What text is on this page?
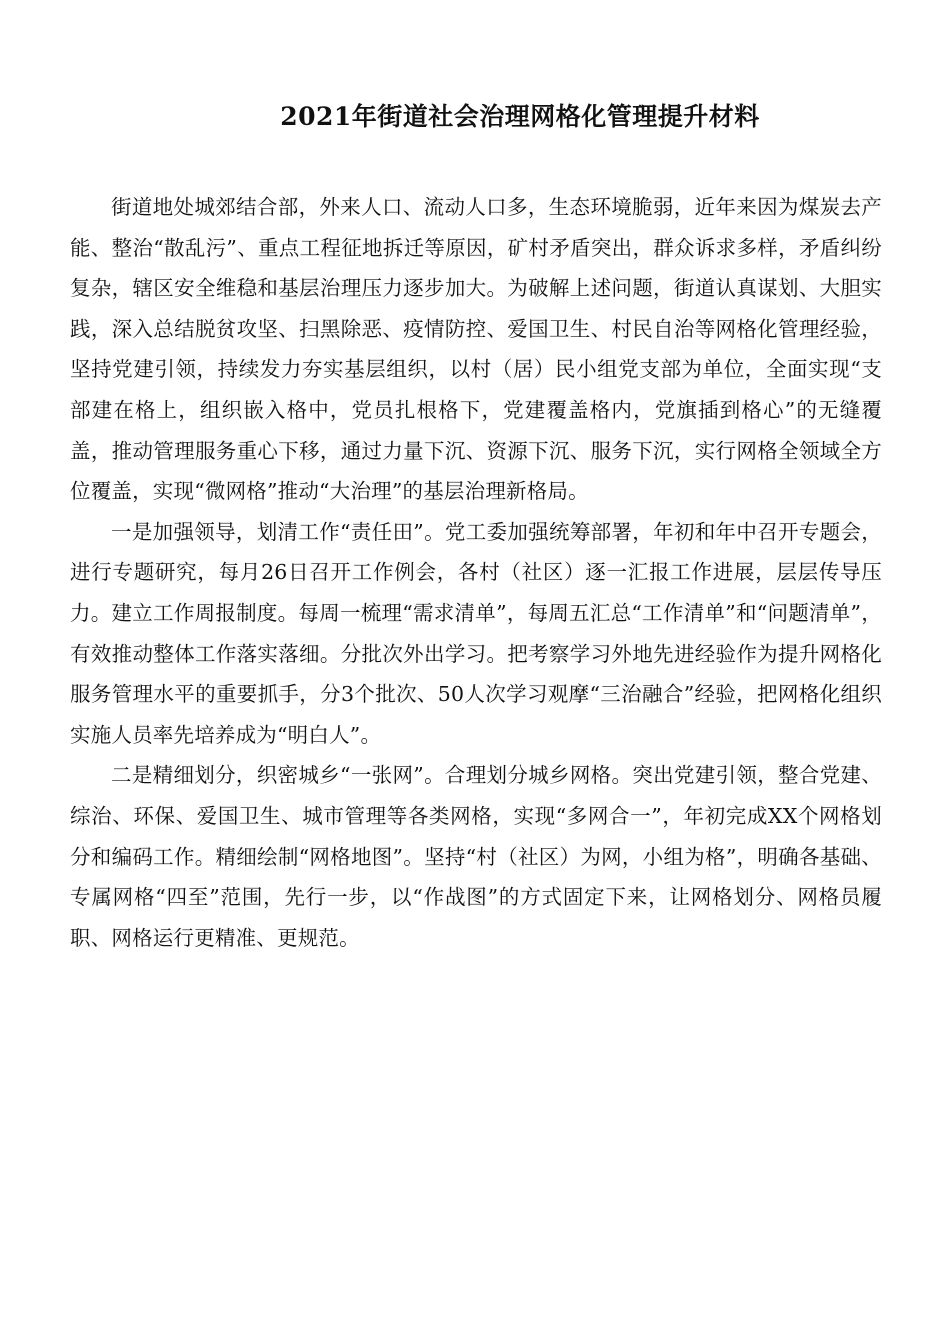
2021年街道社会治理网格化管理提升材料

街道地处城郊结合部，外来人口、流动人口多，生态环境脆弱，近年来因为煤炭去产能、整治“散乱污”、重点工程征地拆迁等原因，矿村矛盾突出，群众诉求多样，矛盾纠纷复杂，辖区安全维稳和基层治理压力逐步加大。为破解上述问题，街道认真谋划、大胆实践，深入总结脱贫攻坚、扫黑除恶、疫情防控、爱国卫生、村民自治等网格化管理经验，坚持党建引领，持续发力夯实基层组织，以村（居）民小组党支部为单位，全面实现“支部建在格上，组织嵌入格中，党员扎根格下，党建覆盖格内，党旗插到格心”的无缝覆盖，推动管理服务重心下移，通过力量下沉、资源下沉、服务下沉，实行网格全领域全方位覆盖，实现“微网格”推动“大治理”的基层治理新格局。

一是加强领导，划清工作“责任田”。党工委加强统筹部署，年初和年中召开专题会，进行专题研究，每月26日召开工作例会，各村（社区）逐一汇报工作进展，层层传导压力。建立工作周报制度。每周一梳理“需求清单”，每周五汇总“工作清单”和“问题清单”，有效推动整体工作落实落细。分批次外出学习。把考察学习外地先进经验作为提升网格化服务管理水平的重要抓手，分3个批次、50人次学习观摩“三治融合”经验，把网格化组织实施人员率先培养成为“明白人”。

二是精细划分，织密城乡“一张网”。合理划分城乡网格。突出党建引领，整合党建、综治、环保、爱国卫生、城市管理等各类网格，实现“多网合一”，年初完成XX个网格划分和编码工作。精细绘制“网格地图”。坚持“村（社区）为网，小组为格”，明确各基础、专属网格“四至”范围，先行一步，以“作战图”的方式固定下来，让网格划分、网格员履职、网格运行更精准、更规范。
